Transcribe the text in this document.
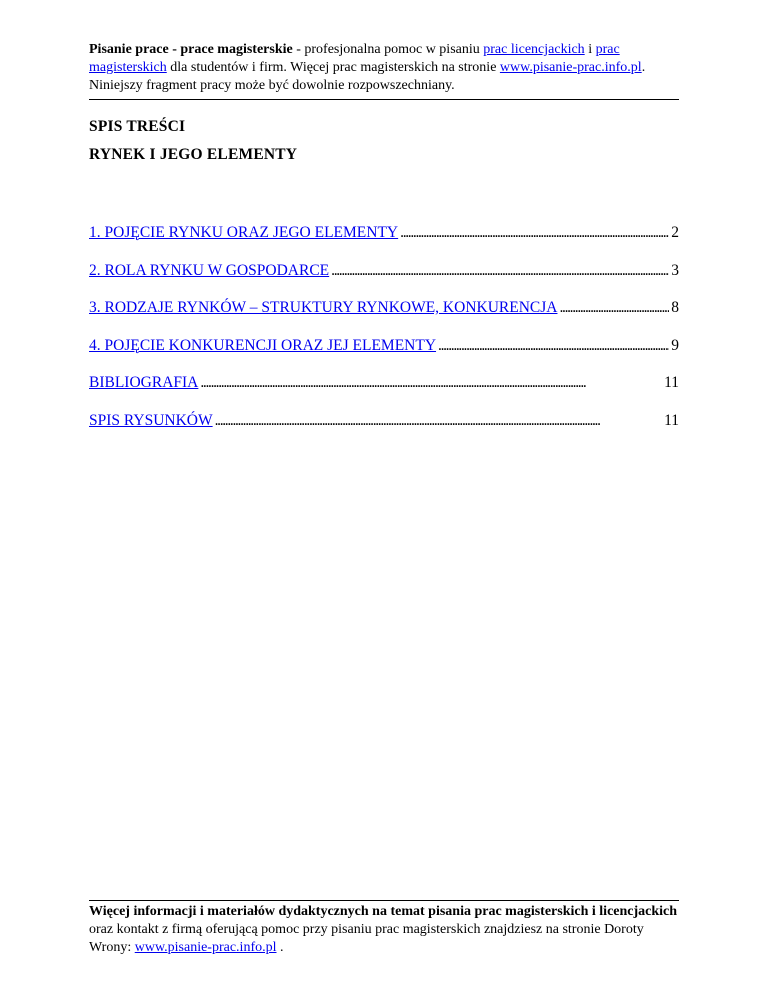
Pisanie prace - prace magisterskie - profesjonalna pomoc w pisaniu prac licencjackich i prac magisterskich dla studentów i firm. Więcej prac magisterskich na stronie www.pisanie-prac.info.pl. Niniejszy fragment pracy może być dowolnie rozpowszechniany.
SPIS TREŚCI
RYNEK I JEGO ELEMENTY
1. POJĘCIE RYNKU ORAZ JEGO ELEMENTY . . .	2
2. ROLA RYNKU W GOSPODARCE . . .	3
3. RODZAJE RYNKÓW – STRUKTURY RYNKOWE, KONKURENCJA . . .	8
4. POJĘCIE KONKURENCJI ORAZ JEJ ELEMENTY . . .	9
BIBLIOGRAFIA . . .	11
SPIS RYSUNKÓW . . .	11
Więcej informacji i materiałów dydaktycznych na temat pisania prac magisterskich i licencjackich oraz kontakt z firmą oferującą pomoc przy pisaniu prac magisterskich znajdziesz na stronie Doroty Wrony: www.pisanie-prac.info.pl .
